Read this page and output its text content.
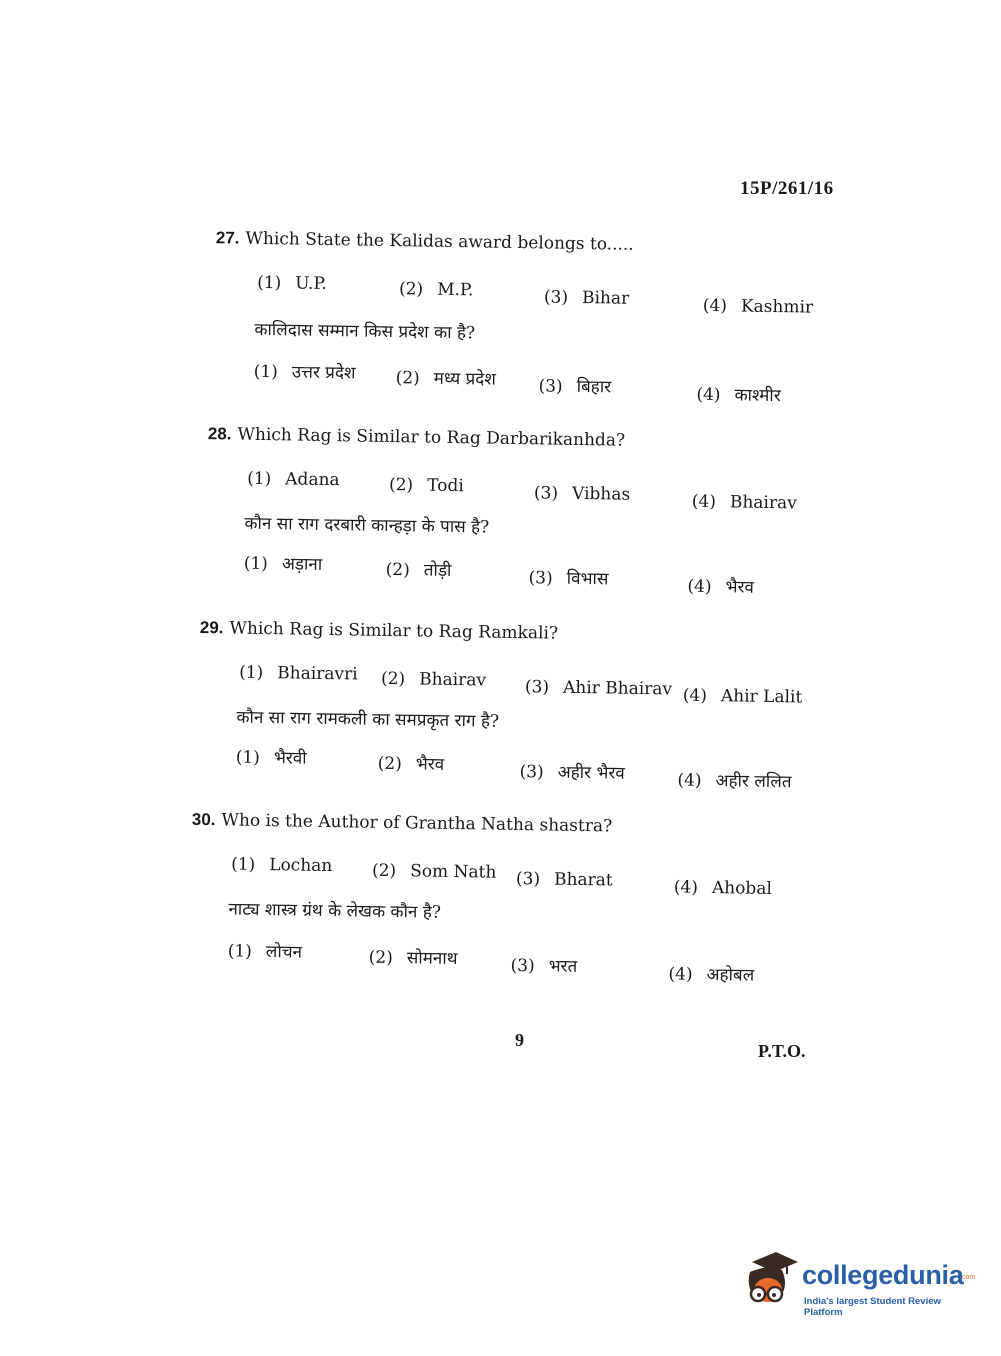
15P/261/16
27. Which State the Kalidas award belongs to.....
(1) U.P.	(2) M.P.	(3) Bihar	(4) Kashmir
कालिदास सम्मान किस प्रदेश का है?
(1) उत्तर प्रदेश (2) मध्य प्रदेश (3) बिहार	(4) काश्मीर
28. Which Rag is Similar to Rag Darbarikanhda?
(1) Adana	(2) Todi	(3) Vibhas	(4) Bhairav
कौन सा राग दरबारी कान्हड़ा के पास है?
(1) अड़ाना	(2) तोड़ी	(3) विभास	(4) भैरव
29. Which Rag is Similar to Rag Ramkali?
(1) Bhairavri (2) Bhairav (3) Ahir Bhairav (4) Ahir Lalit
कौन सा राग रामकली का समप्रकृत राग है?
(1) भैरवी	(2) भैरव	(3) अहीर भैरव	(4) अहीर ललित
30. Who is the Author of Grantha Natha shastra?
(1) Lochan (2) Som Nath (3) Bharat	(4) Ahobal
नाट्य शास्त्र ग्रंथ के लेखक कौन है?
(1) लोचन	(2) सोमनाथ	(3) भरत	(4) अहोबल
9
P.T.O.
collegedunia
.com
India's largest Student Review Platform
